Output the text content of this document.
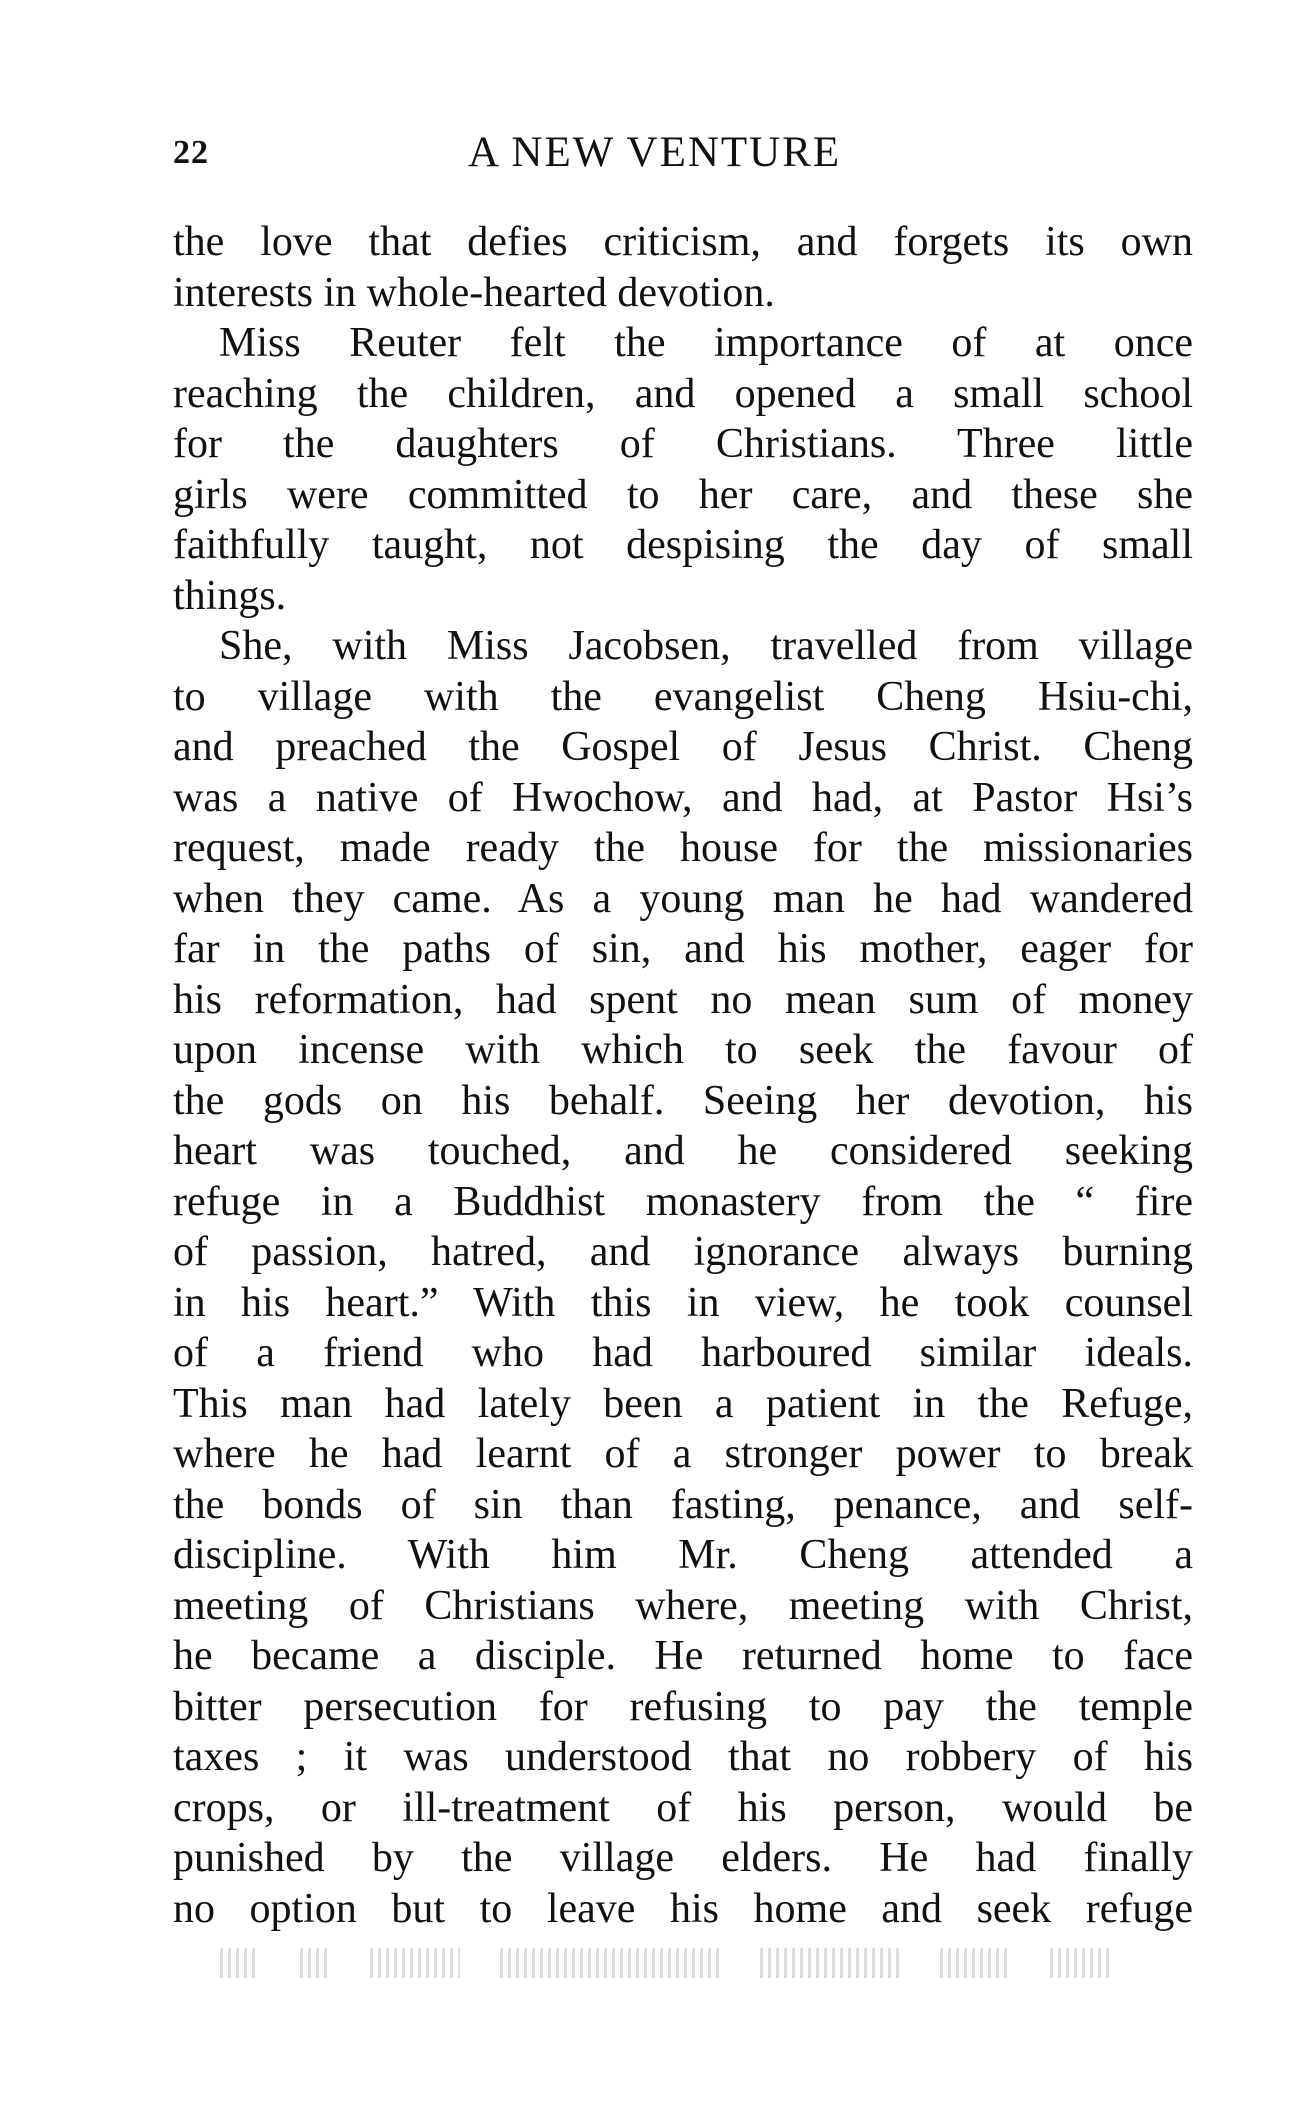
22	A NEW VENTURE
the love that defies criticism, and forgets its own
interests in whole-hearted devotion.
Miss Reuter felt the importance of at once
reaching the children, and opened a small school
for the daughters of Christians. Three little
girls were committed to her care, and these she
faithfully taught, not despising the day of small
things.
She, with Miss Jacobsen, travelled from village
to village with the evangelist Cheng Hsiu-chi,
and preached the Gospel of Jesus Christ. Cheng
was a native of Hwochow, and had, at Pastor Hsi’s
request, made ready the house for the missionaries
when they came. As a young man he had wandered
far in the paths of sin, and his mother, eager for
his reformation, had spent no mean sum of money
upon incense with which to seek the favour of
the gods on his behalf. Seeing her devotion, his
heart was touched, and he considered seeking
refuge in a Buddhist monastery from the “ fire
of passion, hatred, and ignorance always burning
in his heart.” With this in view, he took counsel
of a friend who had harboured similar ideals.
This man had lately been a patient in the Refuge,
where he had learnt of a stronger power to break
the bonds of sin than fasting, penance, and self-
discipline. With him Mr. Cheng attended a
meeting of Christians where, meeting with Christ,
he became a disciple. He returned home to face
bitter persecution for refusing to pay the temple
taxes ; it was understood that no robbery of his
crops, or ill-treatment of his person, would be
punished by the village elders. He had finally
no option but to leave his home and seek refuge
